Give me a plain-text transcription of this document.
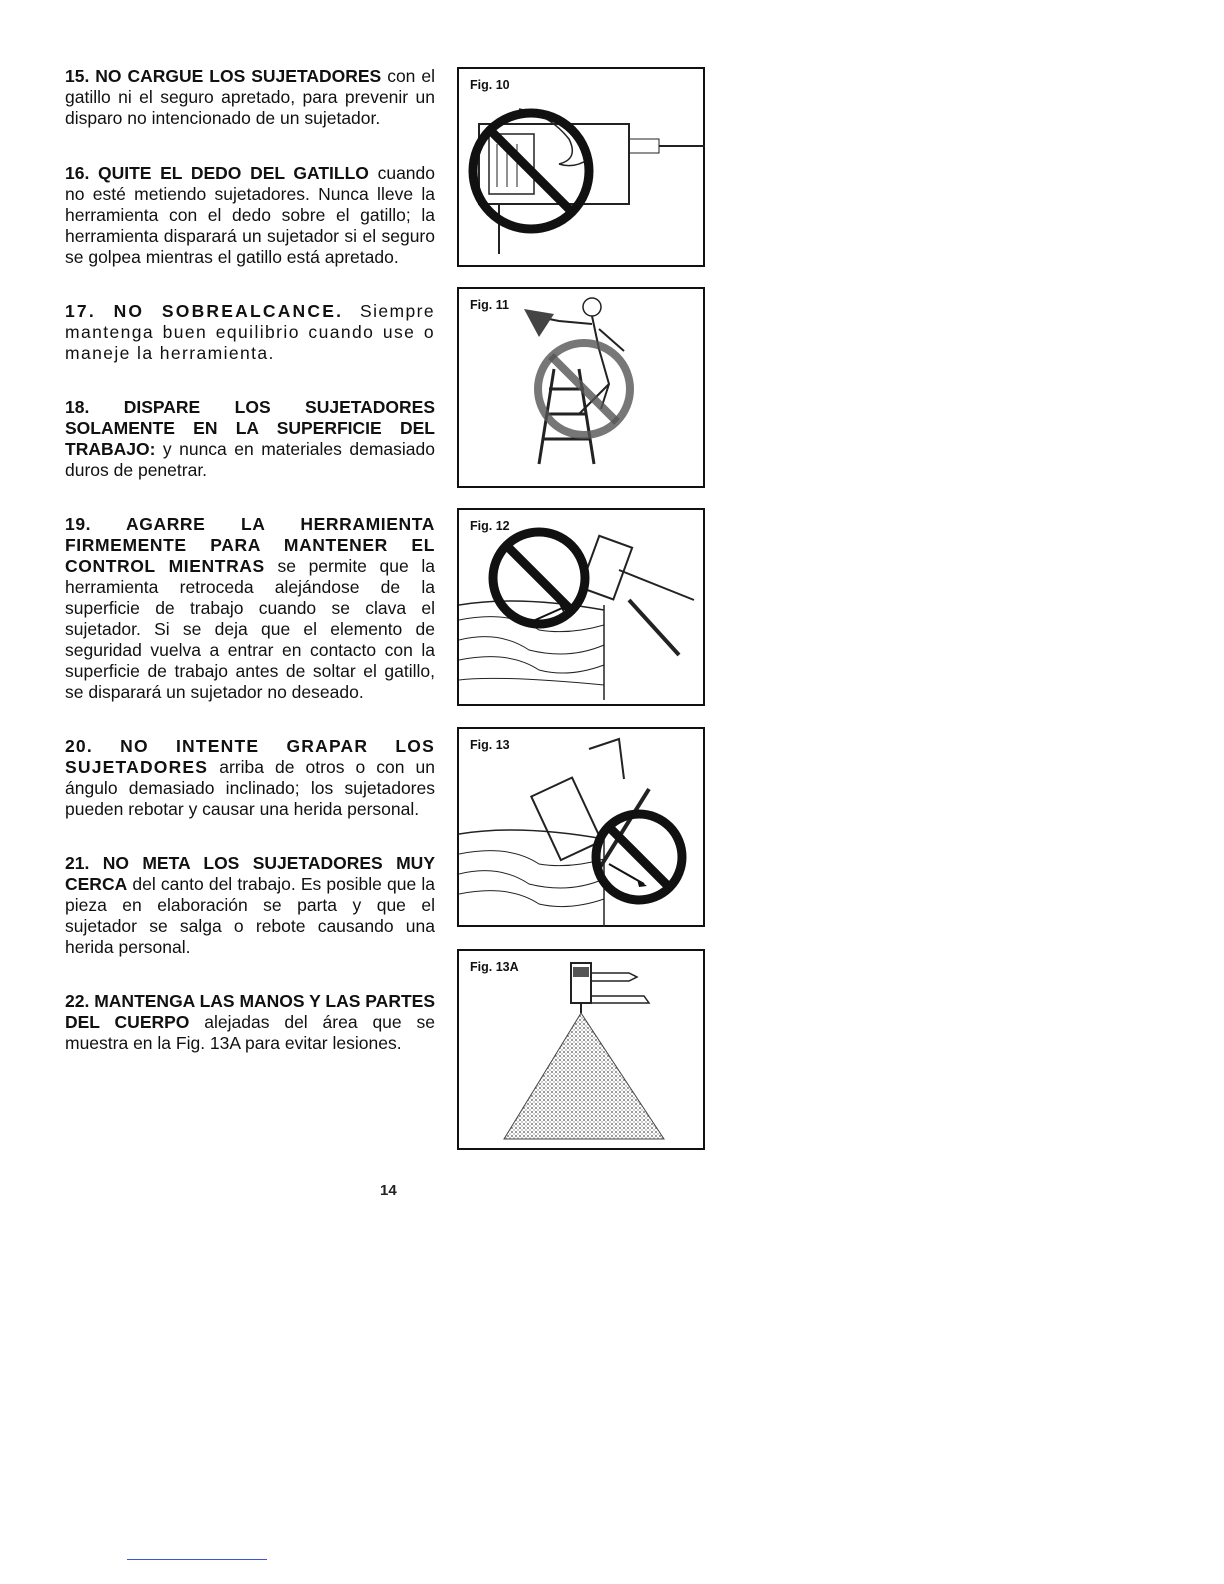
15. NO CARGUE LOS SUJETADORES con el gatillo ni el seguro apretado, para prevenir un disparo no intencionado de un sujetador.

16. QUITE EL DEDO DEL GATILLO cuando no esté metiendo sujetadores. Nunca lleve la herramienta con el dedo sobre el gatillo; la herramienta disparará un sujetador si el seguro se golpea mientras el gatillo está apretado.

17. NO SOBREALCANCE. Siempre mantenga buen equilibrio cuando use o maneje la herramienta.

18. DISPARE LOS SUJETADORES SOLAMENTE EN LA SUPERFICIE DEL TRABAJO: y nunca en materiales demasiado duros de penetrar.

19. AGARRE LA HERRAMIENTA FIRMEMENTE PARA MANTENER EL CONTROL MIENTRAS se permite que la herramienta retroceda alejándose de la superficie de trabajo cuando se clava el sujetador. Si se deja que el elemento de seguridad vuelva a entrar en contacto con la superficie de trabajo antes de soltar el gatillo, se disparará un sujetador no deseado.

20. NO INTENTE GRAPAR LOS SUJETADORES arriba de otros o con un ángulo demasiado inclinado; los sujetadores pueden rebotar y causar una herida personal.

21. NO META LOS SUJETADORES MUY CERCA del canto del trabajo. Es posible que la pieza en elaboración se parta y que el sujetador se salga o rebote causando una herida personal.

22. MANTENGA LAS MANOS Y LAS PARTES DEL CUERPO alejadas del área que se muestra en la Fig. 13A para evitar lesiones.

Fig. 10
Fig. 11
Fig. 12
Fig. 13
Fig. 13A
14
